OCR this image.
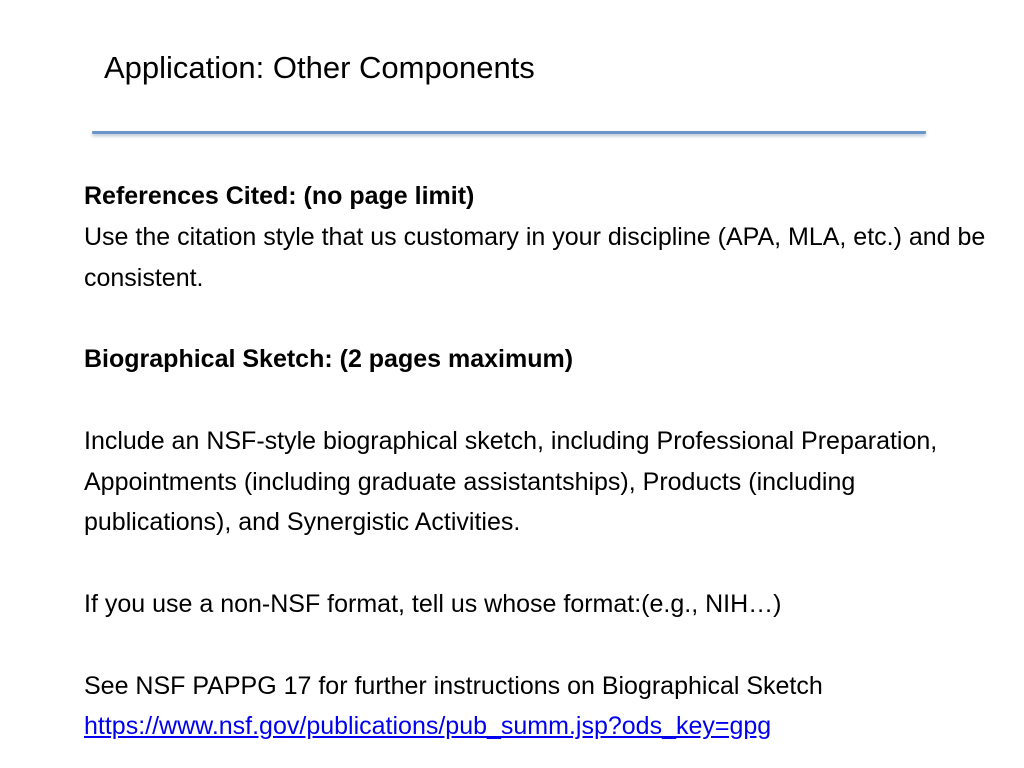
Application: Other Components

References Cited: (no page limit)

Use the citation style that us customary in your discipline (APA, MLA, etc.) and be consistent.

Biographical Sketch: (2 pages maximum)

Include an NSF-style biographical sketch, including Professional Preparation, Appointments (including graduate assistantships), Products (including publications), and Synergistic Activities.

If you use a non-NSF format, tell us whose format:(e.g., NIH…)

See NSF PAPPG 17 for further instructions on Biographical Sketch

https://www.nsf.gov/publications/pub_summ.jsp?ods_key=gpg
